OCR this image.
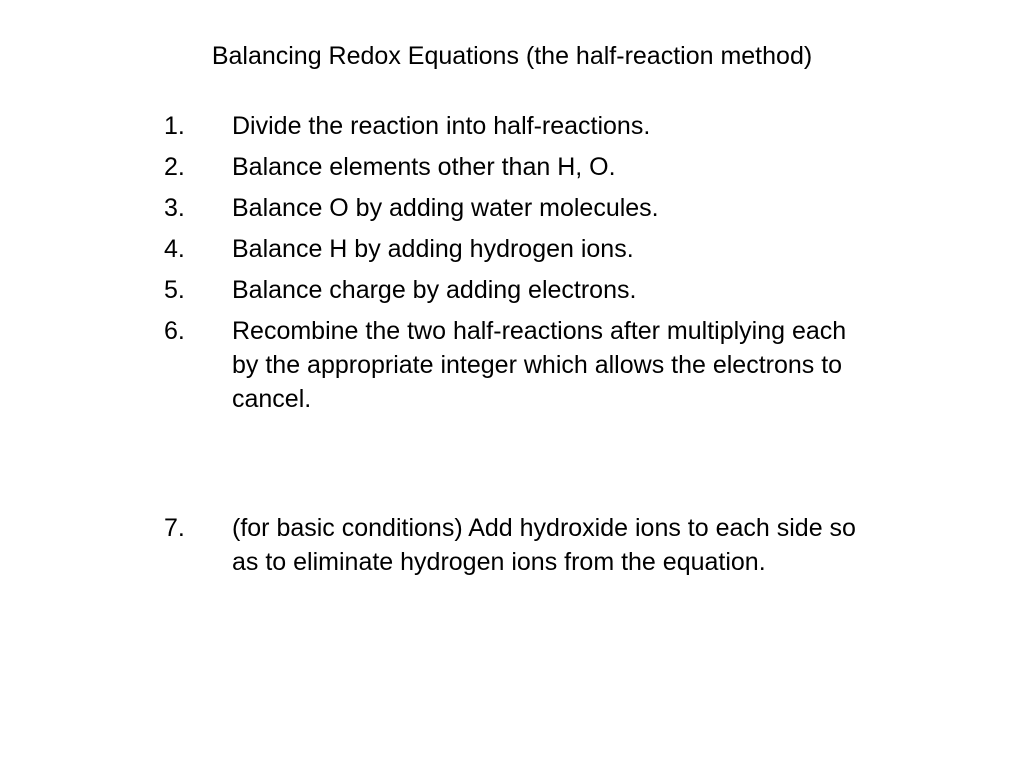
Balancing Redox Equations (the half-reaction method)
1. Divide the reaction into half-reactions.
2. Balance elements other than H, O.
3. Balance O by adding water molecules.
4. Balance H by adding hydrogen ions.
5. Balance charge by adding electrons.
6. Recombine the two half-reactions after multiplying each by the appropriate integer which allows the electrons to cancel.
7. (for basic conditions) Add hydroxide ions to each side so as to eliminate hydrogen ions from the equation.
